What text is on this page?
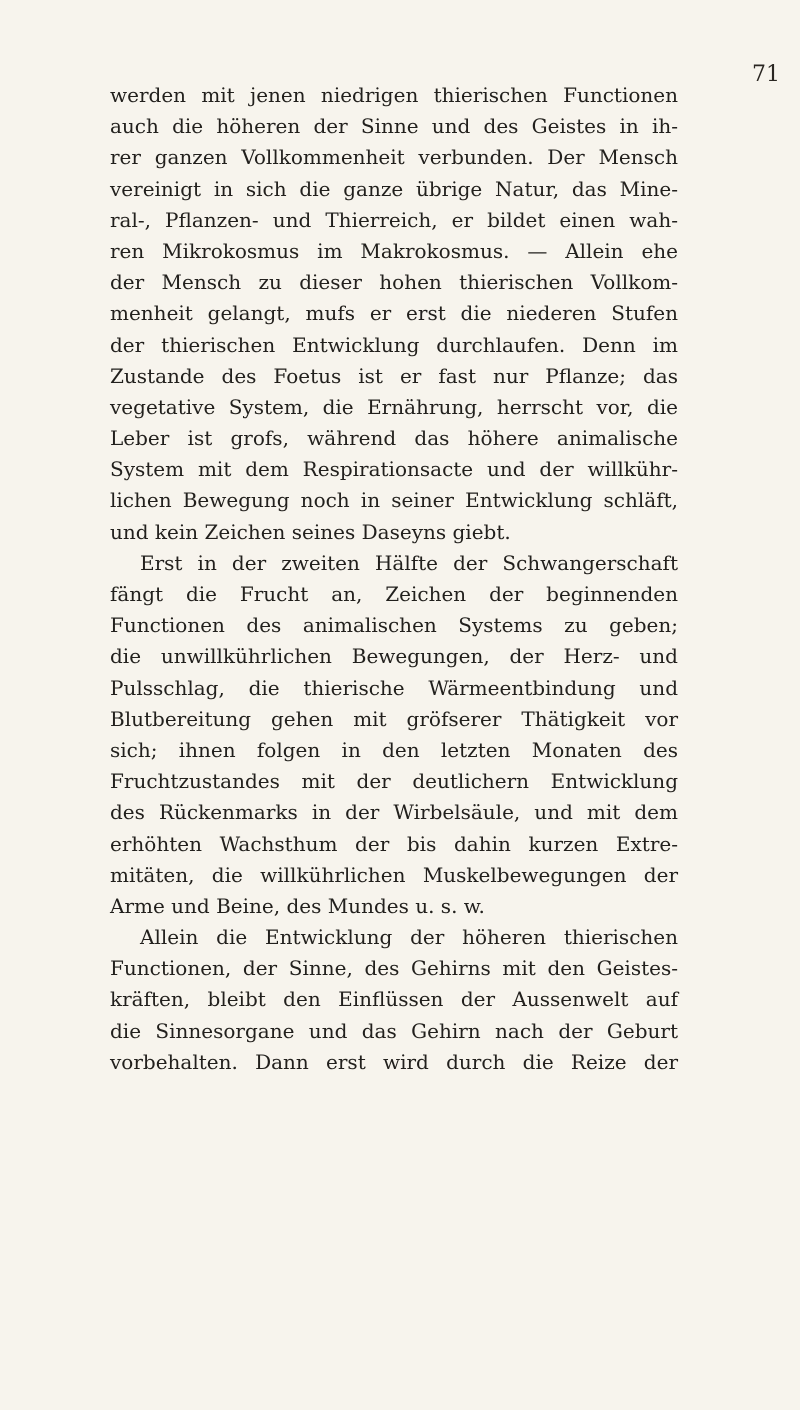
71

werden mit jenen niedrigen thierischen Functionen
auch die höheren der Sinne und des Geistes in ih-
rer ganzen Vollkommenheit verbunden. Der Mensch
vereinigt in sich die ganze übrige Natur, das Mine-
ral-, Pflanzen- und Thierreich, er bildet einen wah-
ren Mikrokosmus im Makrokosmus. — Allein ehe
der Mensch zu dieser hohen thierischen Vollkom-
menheit gelangt, mufs er erst die niederen Stufen
der thierischen Entwicklung durchlaufen. Denn im
Zustande des Foetus ist er fast nur Pflanze; das
vegetative System, die Ernährung, herrscht vor, die
Leber ist grofs, während das höhere animalische
System mit dem Respirationsacte und der willkühr-
lichen Bewegung noch in seiner Entwicklung schläft,
und kein Zeichen seines Daseyns giebt.
Erst in der zweiten Hälfte der Schwangerschaft
fängt die Frucht an, Zeichen der beginnenden
Functionen des animalischen Systems zu geben;
die unwillkührlichen Bewegungen, der Herz- und
Pulsschlag, die thierische Wärmeentbindung und
Blutbereitung gehen mit gröfserer Thätigkeit vor
sich; ihnen folgen in den letzten Monaten des
Fruchtzustandes mit der deutlichern Entwicklung
des Rückenmarks in der Wirbelsäule, und mit dem
erhöhten Wachsthum der bis dahin kurzen Extre-
mitäten, die willkührlichen Muskelbewegungen der
Arme und Beine, des Mundes u. s. w.
Allein die Entwicklung der höheren thierischen
Functionen, der Sinne, des Gehirns mit den Geistes-
kräften, bleibt den Einflüssen der Aussenwelt auf
die Sinnesorgane und das Gehirn nach der Geburt
vorbehalten. Dann erst wird durch die Reize der
